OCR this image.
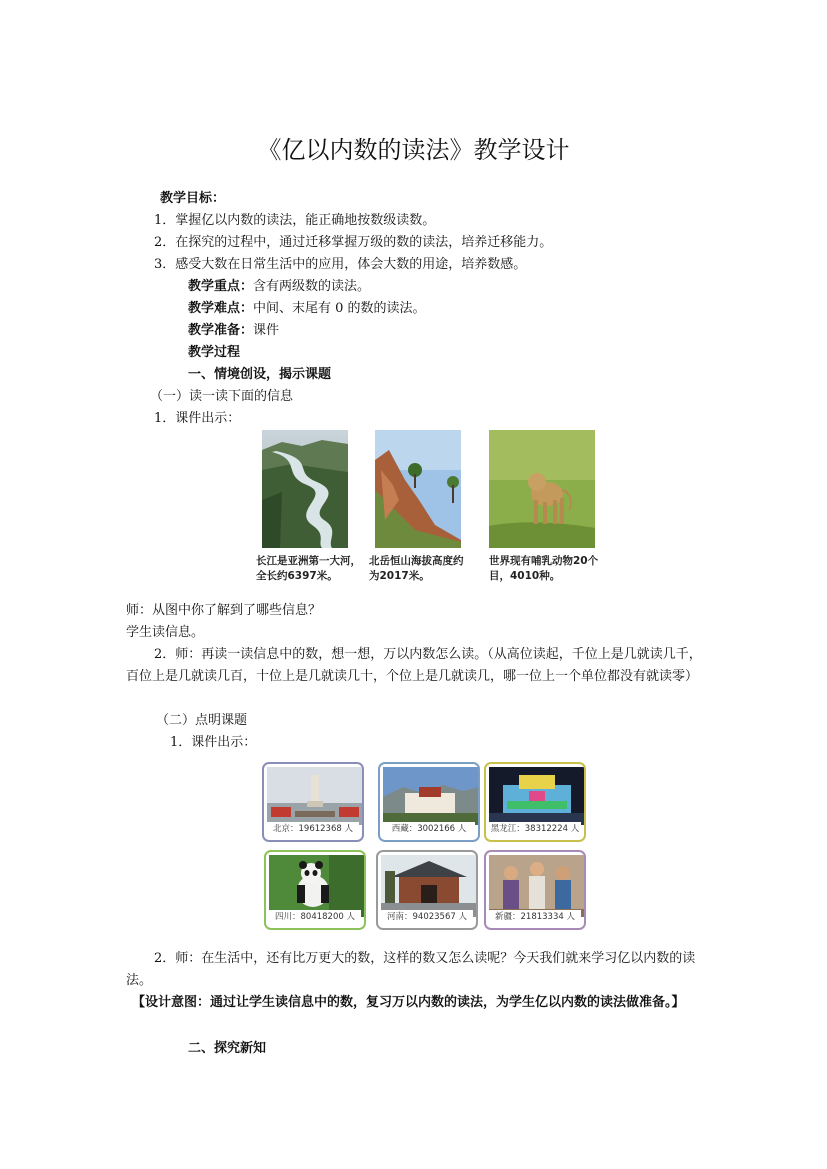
《亿以内数的读法》教学设计
教学目标：
1．掌握亿以内数的读法，能正确地按数级读数。
2．在探究的过程中，通过迁移掌握万级的数的读法，培养迁移能力。
3．感受大数在日常生活中的应用，体会大数的用途，培养数感。
教学重点：含有两级数的读法。
教学难点：中间、末尾有 0 的数的读法。
教学准备：课件
教学过程
一、情境创设，揭示课题
（一）读一读下面的信息
1．课件出示：
长江是亚洲第一大河，全长约6397米。
北岳恒山海拔高度约为2017米。
世界现有哺乳动物20个目，4010种。
师：从图中你了解到了哪些信息？
学生读信息。
2．师：再读一读信息中的数，想一想，万以内数怎么读。（从高位读起，千位上是几就读几千，百位上是几就读几百，十位上是几就读几十，个位上是几就读几，哪一位上一个单位都没有就读零）
（二）点明课题
1．课件出示：
北京：19612368 人	西藏：3002166 人	黑龙江：38312224 人
四川：80418200 人	河南：94023567 人	新疆：21813334 人
2．师：在生活中，还有比万更大的数，这样的数又怎么读呢？今天我们就来学习亿以内数的读法。
【设计意图：通过让学生读信息中的数，复习万以内数的读法，为学生亿以内数的读法做准备。】
二、探究新知
